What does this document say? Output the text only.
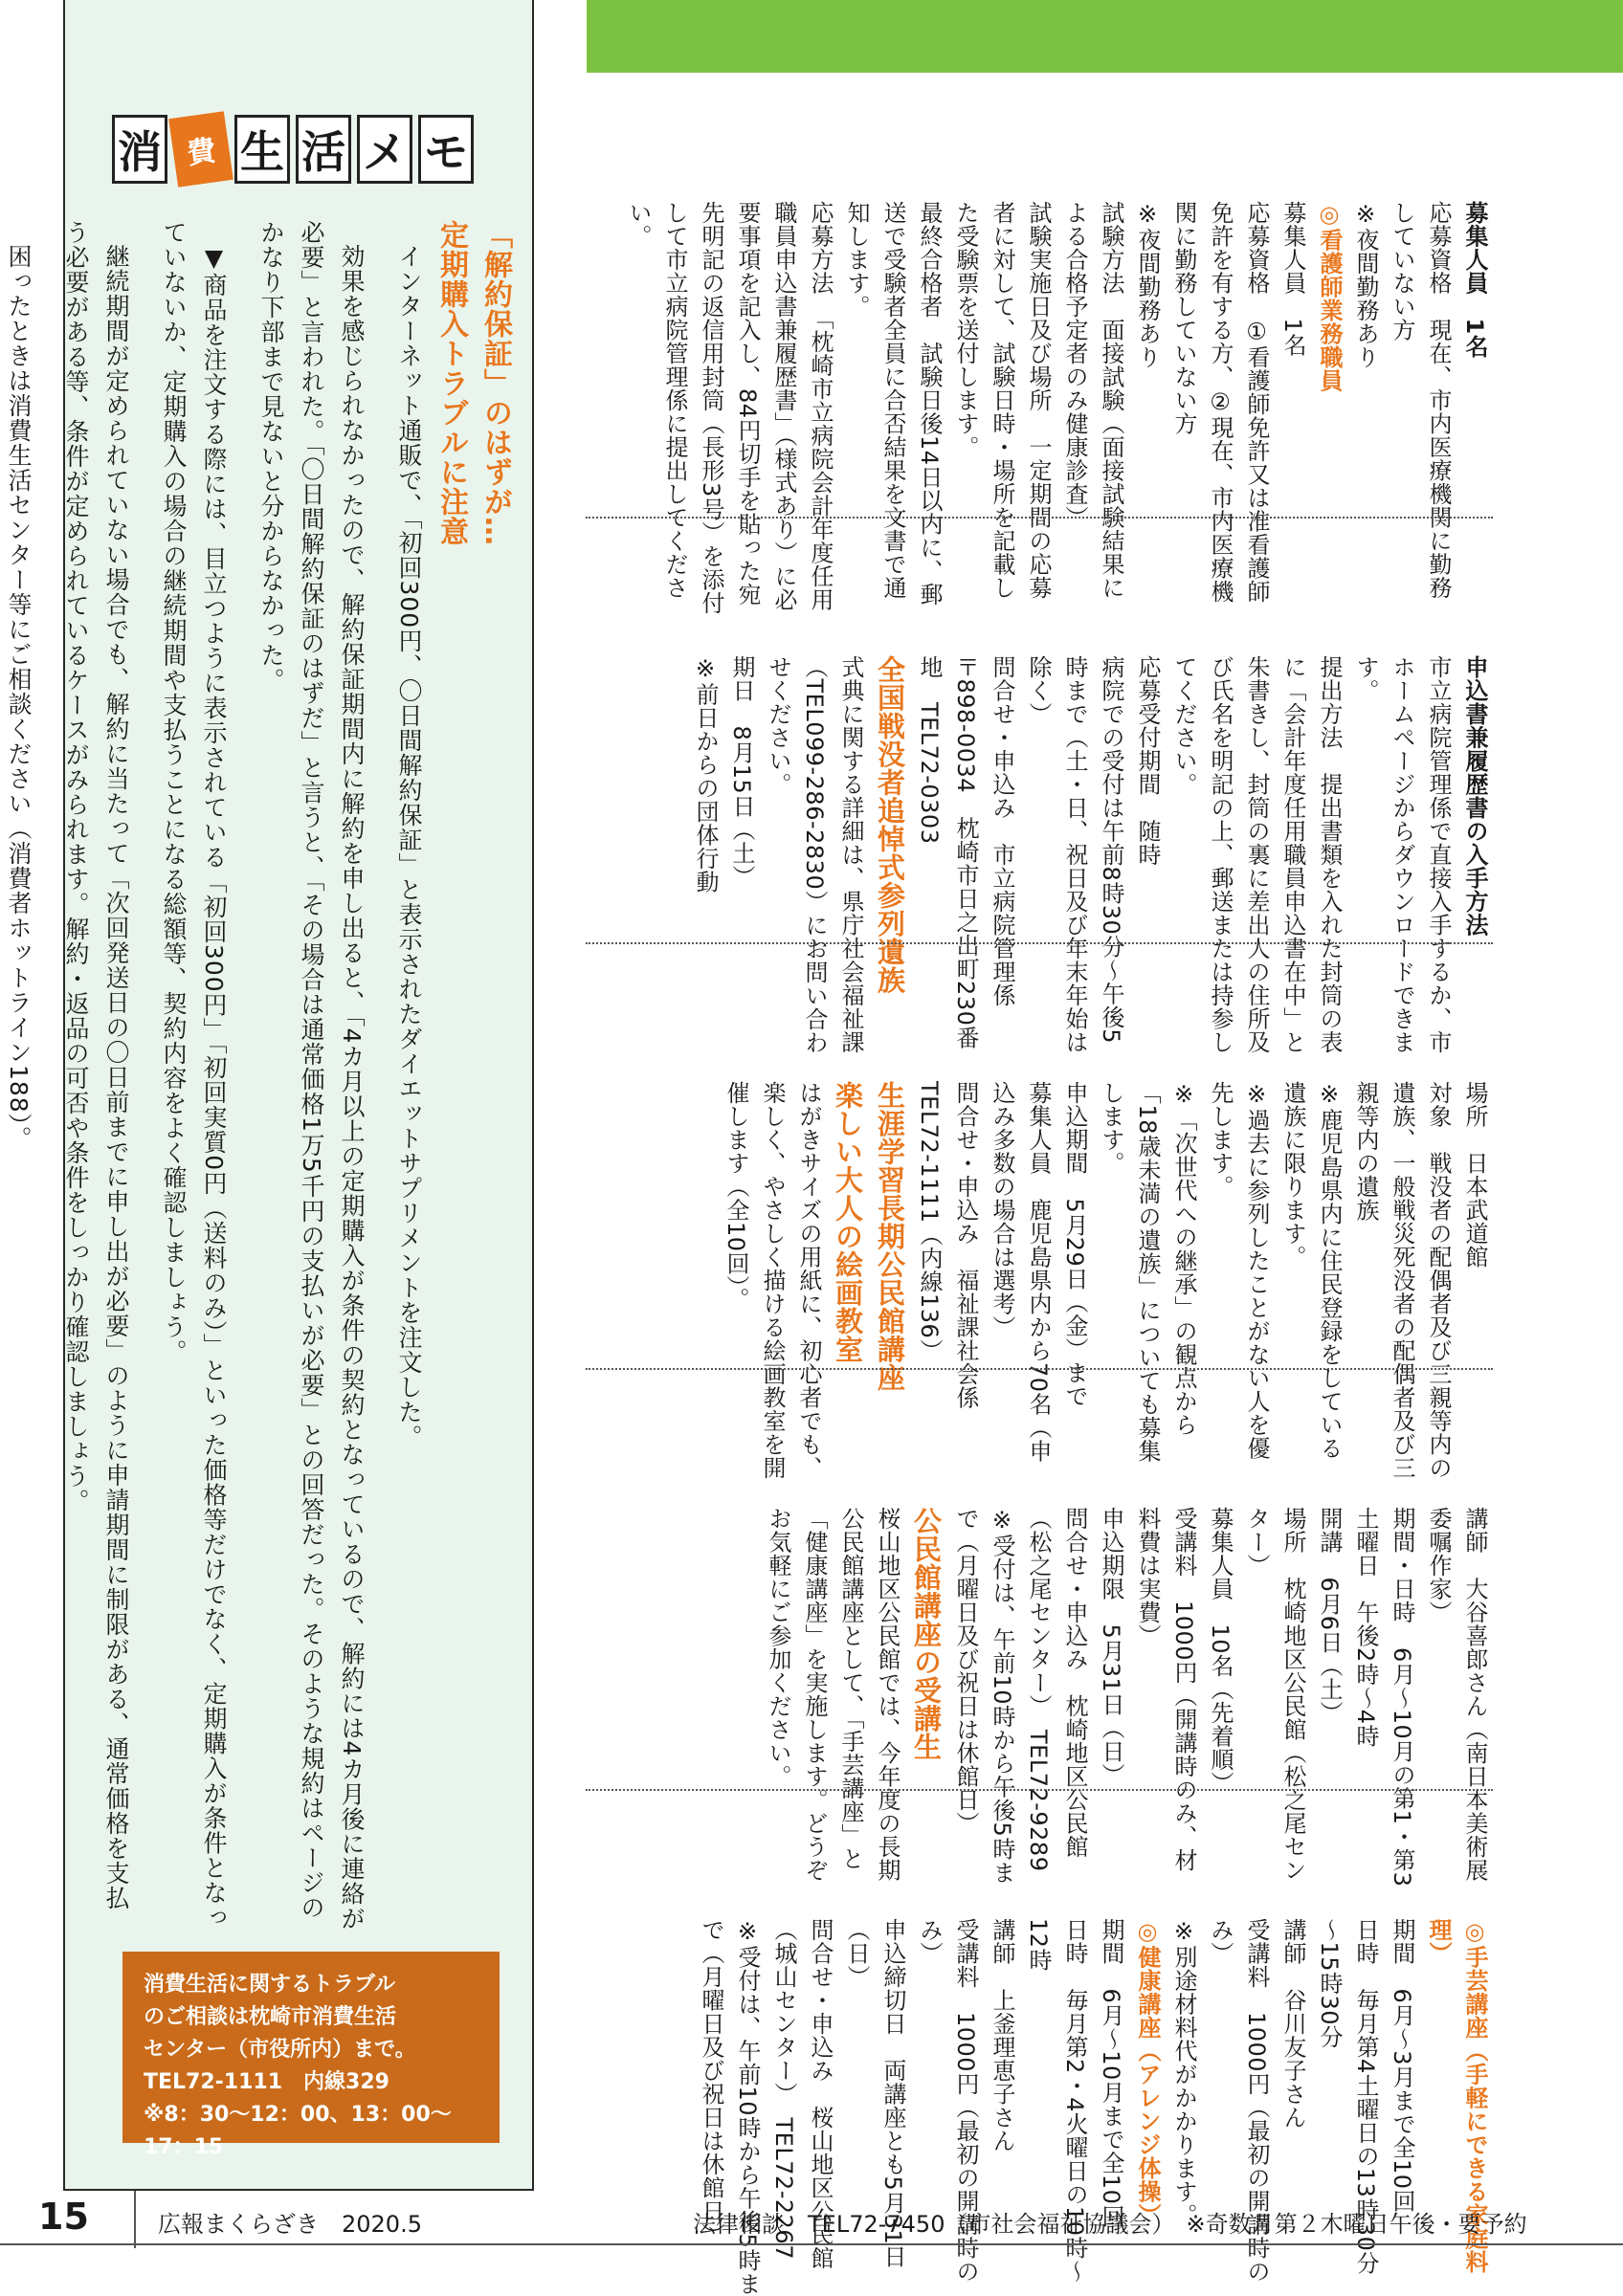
消 費 生 活 メ モ
「解約保証」のはずが…
定期購入トラブルに注意

インターネット通販で、「初回300円、〇日間解約保証」と表示されたダイエットサプリメントを注文した。

効果を感じられなかったので、解約保証期間内に解約を申し出ると、「4カ月以上の定期購入が条件の契約となっているので、解約には4カ月後に連絡が必要」と言われた。「〇日間解約保証のはずだ」と言うと、「その場合は通常価格1万5千円の支払いが必要」との回答だった。そのような規約はページのかなり下部まで見ないと分からなかった。

▼商品を注文する際には、目立つように表示されている「初回300円」「初回実質0円（送料のみ）」といった価格等だけでなく、定期購入が条件となっていないか、定期購入の場合の継続期間や支払うことになる総額等、契約内容をよく確認しましょう。

継続期間が定められていない場合でも、解約に当たって「次回発送日の〇日前までに申し出が必要」のように申請期間に制限がある、通常価格を支払う必要がある等、条件が定められているケースがみられます。解約・返品の可否や条件をしっかり確認しましょう。

困ったときは消費生活センター等にご相談ください（消費者ホットライン188）。

消費生活に関するトラブル
のご相談は枕崎市消費生活
センター（市役所内）まで。
TEL72-1111　内線329
※8：30～12：00、13：00～17：15
募集人員　1名
応募資格　現在、市内医療機関に勤務していない方
※夜間勤務あり
◎看護師業務職員
募集人員　1名
応募資格　①看護師免許又は准看護師免許を有する方、②現在、市内医療機関に勤務していない方
※夜間勤務あり
試験方法　面接試験（面接試験結果による合格予定者のみ健康診査）
試験実施日及び場所　一定期間の応募者に対して、試験日時・場所を記載した受験票を送付します。
最終合格者　試験日後14日以内に、郵送で受験者全員に合否結果を文書で通知します。
応募方法　「枕崎市立病院会計年度任用職員申込書兼履歴書」（様式あり）に必要事項を記入し、84円切手を貼った宛先明記の返信用封筒（長形3号）を添付して市立病院管理係に提出してください。
申込書兼履歴書の入手方法
市立病院管理係で直接入手するか、市ホームページからダウンロードできます。
提出方法　提出書類を入れた封筒の表に「会計年度任用職員申込書在中」と朱書きし、封筒の裏に差出人の住所及び氏名を明記の上、郵送または持参してください。
応募受付期間　随時
病院での受付は午前8時30分～午後5時まで（土・日、祝日及び年末年始は除く）
問合せ・申込み　市立病院管理係
〒898-0034　枕崎市日之出町230番地　TEL72-0303
全国戦没者追悼式参列遺族
式典に関する詳細は、県庁社会福祉課（TEL099-286-2830）にお問い合わせください。
期日　8月15日（土）
※前日からの団体行動
場所　日本武道館
対象　戦没者の配偶者及び三親等内の遺族、一般戦災死没者の配偶者及び三親等内の遺族
※鹿児島県内に住民登録をしている遺族に限ります。
※過去に参列したことがない人を優先します。
※「次世代への継承」の観点から「18歳未満の遺族」についても募集します。
申込期間　5月29日（金）まで
募集人員　鹿児島県内から70名（申込み多数の場合は選考）
問合せ・申込み　福祉課社会係　TEL72-1111（内線136）
生涯学習長期公民館講座
楽しい大人の絵画教室
はがきサイズの用紙に、初心者でも、楽しく、やさしく描ける絵画教室を開催します（全10回）。
講師　大谷喜郎さん（南日本美術展委嘱作家）
期間・日時　6月～10月の第1・第3土曜日　午後2時～4時
開講　6月6日（土）
場所　枕崎地区公民館（松之尾センター）
募集人員　10名（先着順）
受講料　1000円（開講時のみ、材料費は実費）
申込期限　5月31日（日）
問合せ・申込み　枕崎地区公民館（松之尾センター）　TEL72-9289
※受付は、午前10時から午後5時まで（月曜日及び祝日は休館日）
公民館講座の受講生
桜山地区公民館では、今年度の長期公民館講座として、「手芸講座」と「健康講座」を実施します。どうぞお気軽にご参加ください。
◎手芸講座（手軽にできる家庭料理）
期間　6月～3月まで全10回
日時　毎月第4土曜日の13時30分～15時30分
講師　谷川友子さん
受講料　1000円（最初の開講時のみ）
※別途材料代がかかります。
◎健康講座（アレンジ体操）
期間　6月～10月まで全10回
日時　毎月第2・4火曜日の10時～12時
講師　上釜理恵子さん
受講料　1000円（最初の開講時のみ）
申込締切日　両講座とも5月31日（日）
問合せ・申込み　桜山地区公民館（城山センター）　TEL72-2267
※受付は、午前10時から午後5時まで（月曜日及び祝日は休館日）
15	広報まくらざき　2020.5	法律相談　TEL72-7450（市社会福祉協議会）　※奇数月第２木曜日午後・要予約
